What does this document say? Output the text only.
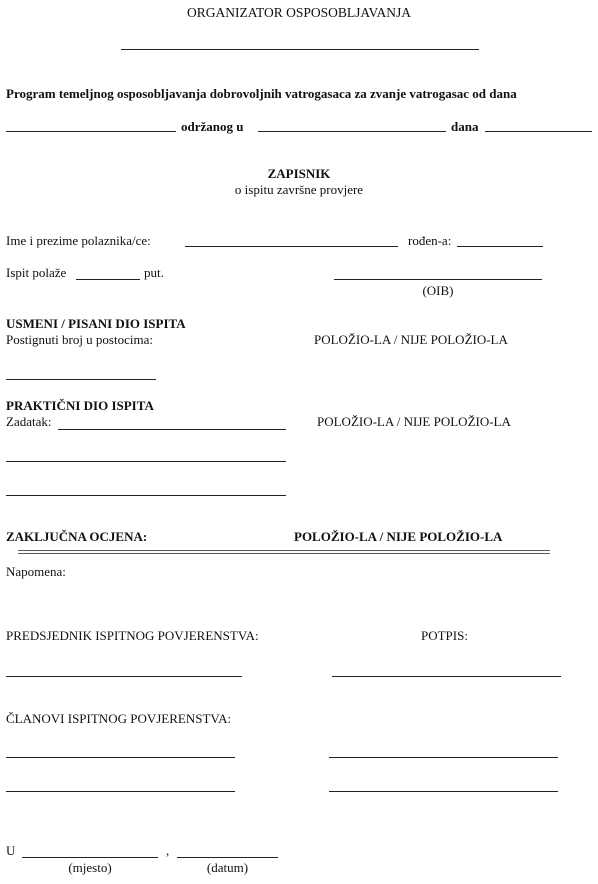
ORGANIZATOR OSPOSOBLJAVANJA
Program temeljnog osposobljavanja dobrovoljnih vatrogasaca za zvanje vatrogasac od dana
održanog u	dana
ZAPISNIK
o ispitu završne provjere
Ime i prezime polaznika/ce:	rođen-a:
Ispit polaže	put.
(OIB)
USMENI / PISANI DIO ISPITA
Postignuti broj u postocima:	POLOŽIO-LA / NIJE POLOŽIO-LA
PRAKTIČNI DIO ISPITA
Zadatak:	POLOŽIO-LA / NIJE POLOŽIO-LA
ZAKLJUČNA OCJENA:	POLOŽIO-LA / NIJE POLOŽIO-LA
Napomena:
PREDSJEDNIK ISPITNOG POVJERENSTVA:	POTPIS:
ČLANOVI ISPITNOG POVJERENSTVA:
U	,
(mjesto)	(datum)
